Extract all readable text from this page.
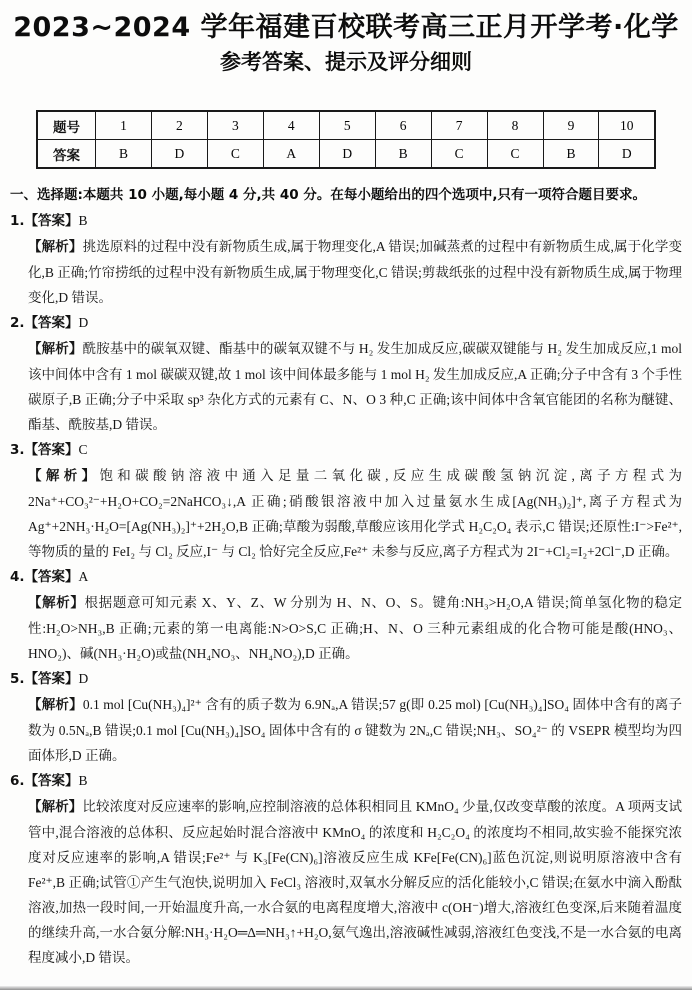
2023~2024 学年福建百校联考高三正月开学考·化学
参考答案、提示及评分细则
题号	1	2	3	4	5	6	7	8	9	10
答案	B	D	C	A	D	B	C	C	B	D

一、选择题:本题共 10 小题,每小题 4 分,共 40 分。在每小题给出的四个选项中,只有一项符合题目要求。

1.【答案】B

【解析】挑选原料的过程中没有新物质生成,属于物理变化,A 错误;加碱蒸煮的过程中有新物质生成,属于化学变化,B 正确;竹帘捞纸的过程中没有新物质生成,属于物理变化,C 错误;剪裁纸张的过程中没有新物质生成,属于物理变化,D 错误。

2.【答案】D

【解析】酰胺基中的碳氧双键、酯基中的碳氧双键不与 H₂ 发生加成反应,碳碳双键能与 H₂ 发生加成反应,1 mol 该中间体中含有 1 mol 碳碳双键,故 1 mol 该中间体最多能与 1 mol H₂ 发生加成反应,A 正确;分子中含有 3 个手性碳原子,B 正确;分子中采取 sp³ 杂化方式的元素有 C、N、O 3 种,C 正确;该中间体中含氧官能团的名称为醚键、酯基、酰胺基,D 错误。

3.【答案】C

【解析】饱和碳酸钠溶液中通入足量二氧化碳,反应生成碳酸氢钠沉淀,离子方程式为 2Na⁺+CO₃²⁻+H₂O+CO₂=2NaHCO₃↓,A 正确;硝酸银溶液中加入过量氨水生成[Ag(NH₃)₂]⁺,离子方程式为 Ag⁺+2NH₃·H₂O=[Ag(NH₃)₂]⁺+2H₂O,B 正确;草酸为弱酸,草酸应该用化学式 H₂C₂O₄ 表示,C 错误;还原性:I⁻>Fe²⁺,等物质的量的 FeI₂ 与 Cl₂ 反应,I⁻ 与 Cl₂ 恰好完全反应,Fe²⁺ 未参与反应,离子方程式为 2I⁻+Cl₂=I₂+2Cl⁻,D 正确。

4.【答案】A

【解析】根据题意可知元素 X、Y、Z、W 分别为 H、N、O、S。键角:NH₃>H₂O,A 错误;简单氢化物的稳定性:H₂O>NH₃,B 正确;元素的第一电离能:N>O>S,C 正确;H、N、O 三种元素组成的化合物可能是酸(HNO₃、HNO₂)、碱(NH₃·H₂O)或盐(NH₄NO₃、NH₄NO₂),D 正确。

5.【答案】D

【解析】0.1 mol [Cu(NH₃)₄]²⁺ 含有的质子数为 6.9Nₐ,A 错误;57 g(即 0.25 mol) [Cu(NH₃)₄]SO₄ 固体中含有的离子数为 0.5Nₐ,B 错误;0.1 mol [Cu(NH₃)₄]SO₄ 固体中含有的 σ 键数为 2Nₐ,C 错误;NH₃、SO₄²⁻ 的 VSEPR 模型均为四面体形,D 正确。

6.【答案】B

【解析】比较浓度对反应速率的影响,应控制溶液的总体积相同且 KMnO₄ 少量,仅改变草酸的浓度。A 项两支试管中,混合溶液的总体积、反应起始时混合溶液中 KMnO₄ 的浓度和 H₂C₂O₄ 的浓度均不相同,故实验不能探究浓度对反应速率的影响,A 错误;Fe²⁺ 与 K₃[Fe(CN)₆]溶液反应生成 KFe[Fe(CN)₆]蓝色沉淀,则说明原溶液中含有 Fe²⁺,B 正确;试管①产生气泡快,说明加入 FeCl₃ 溶液时,双氧水分解反应的活化能较小,C 错误;在氨水中滴入酚酞溶液,加热一段时间,一开始温度升高,一水合氨的电离程度增大,溶液中 c(OH⁻)增大,溶液红色变深,后来随着温度的继续升高,一水合氨分解:NH₃·H₂O═Δ═NH₃↑+H₂O,氨气逸出,溶液碱性减弱,溶液红色变浅,不是一水合氨的电离程度减小,D 错误。
